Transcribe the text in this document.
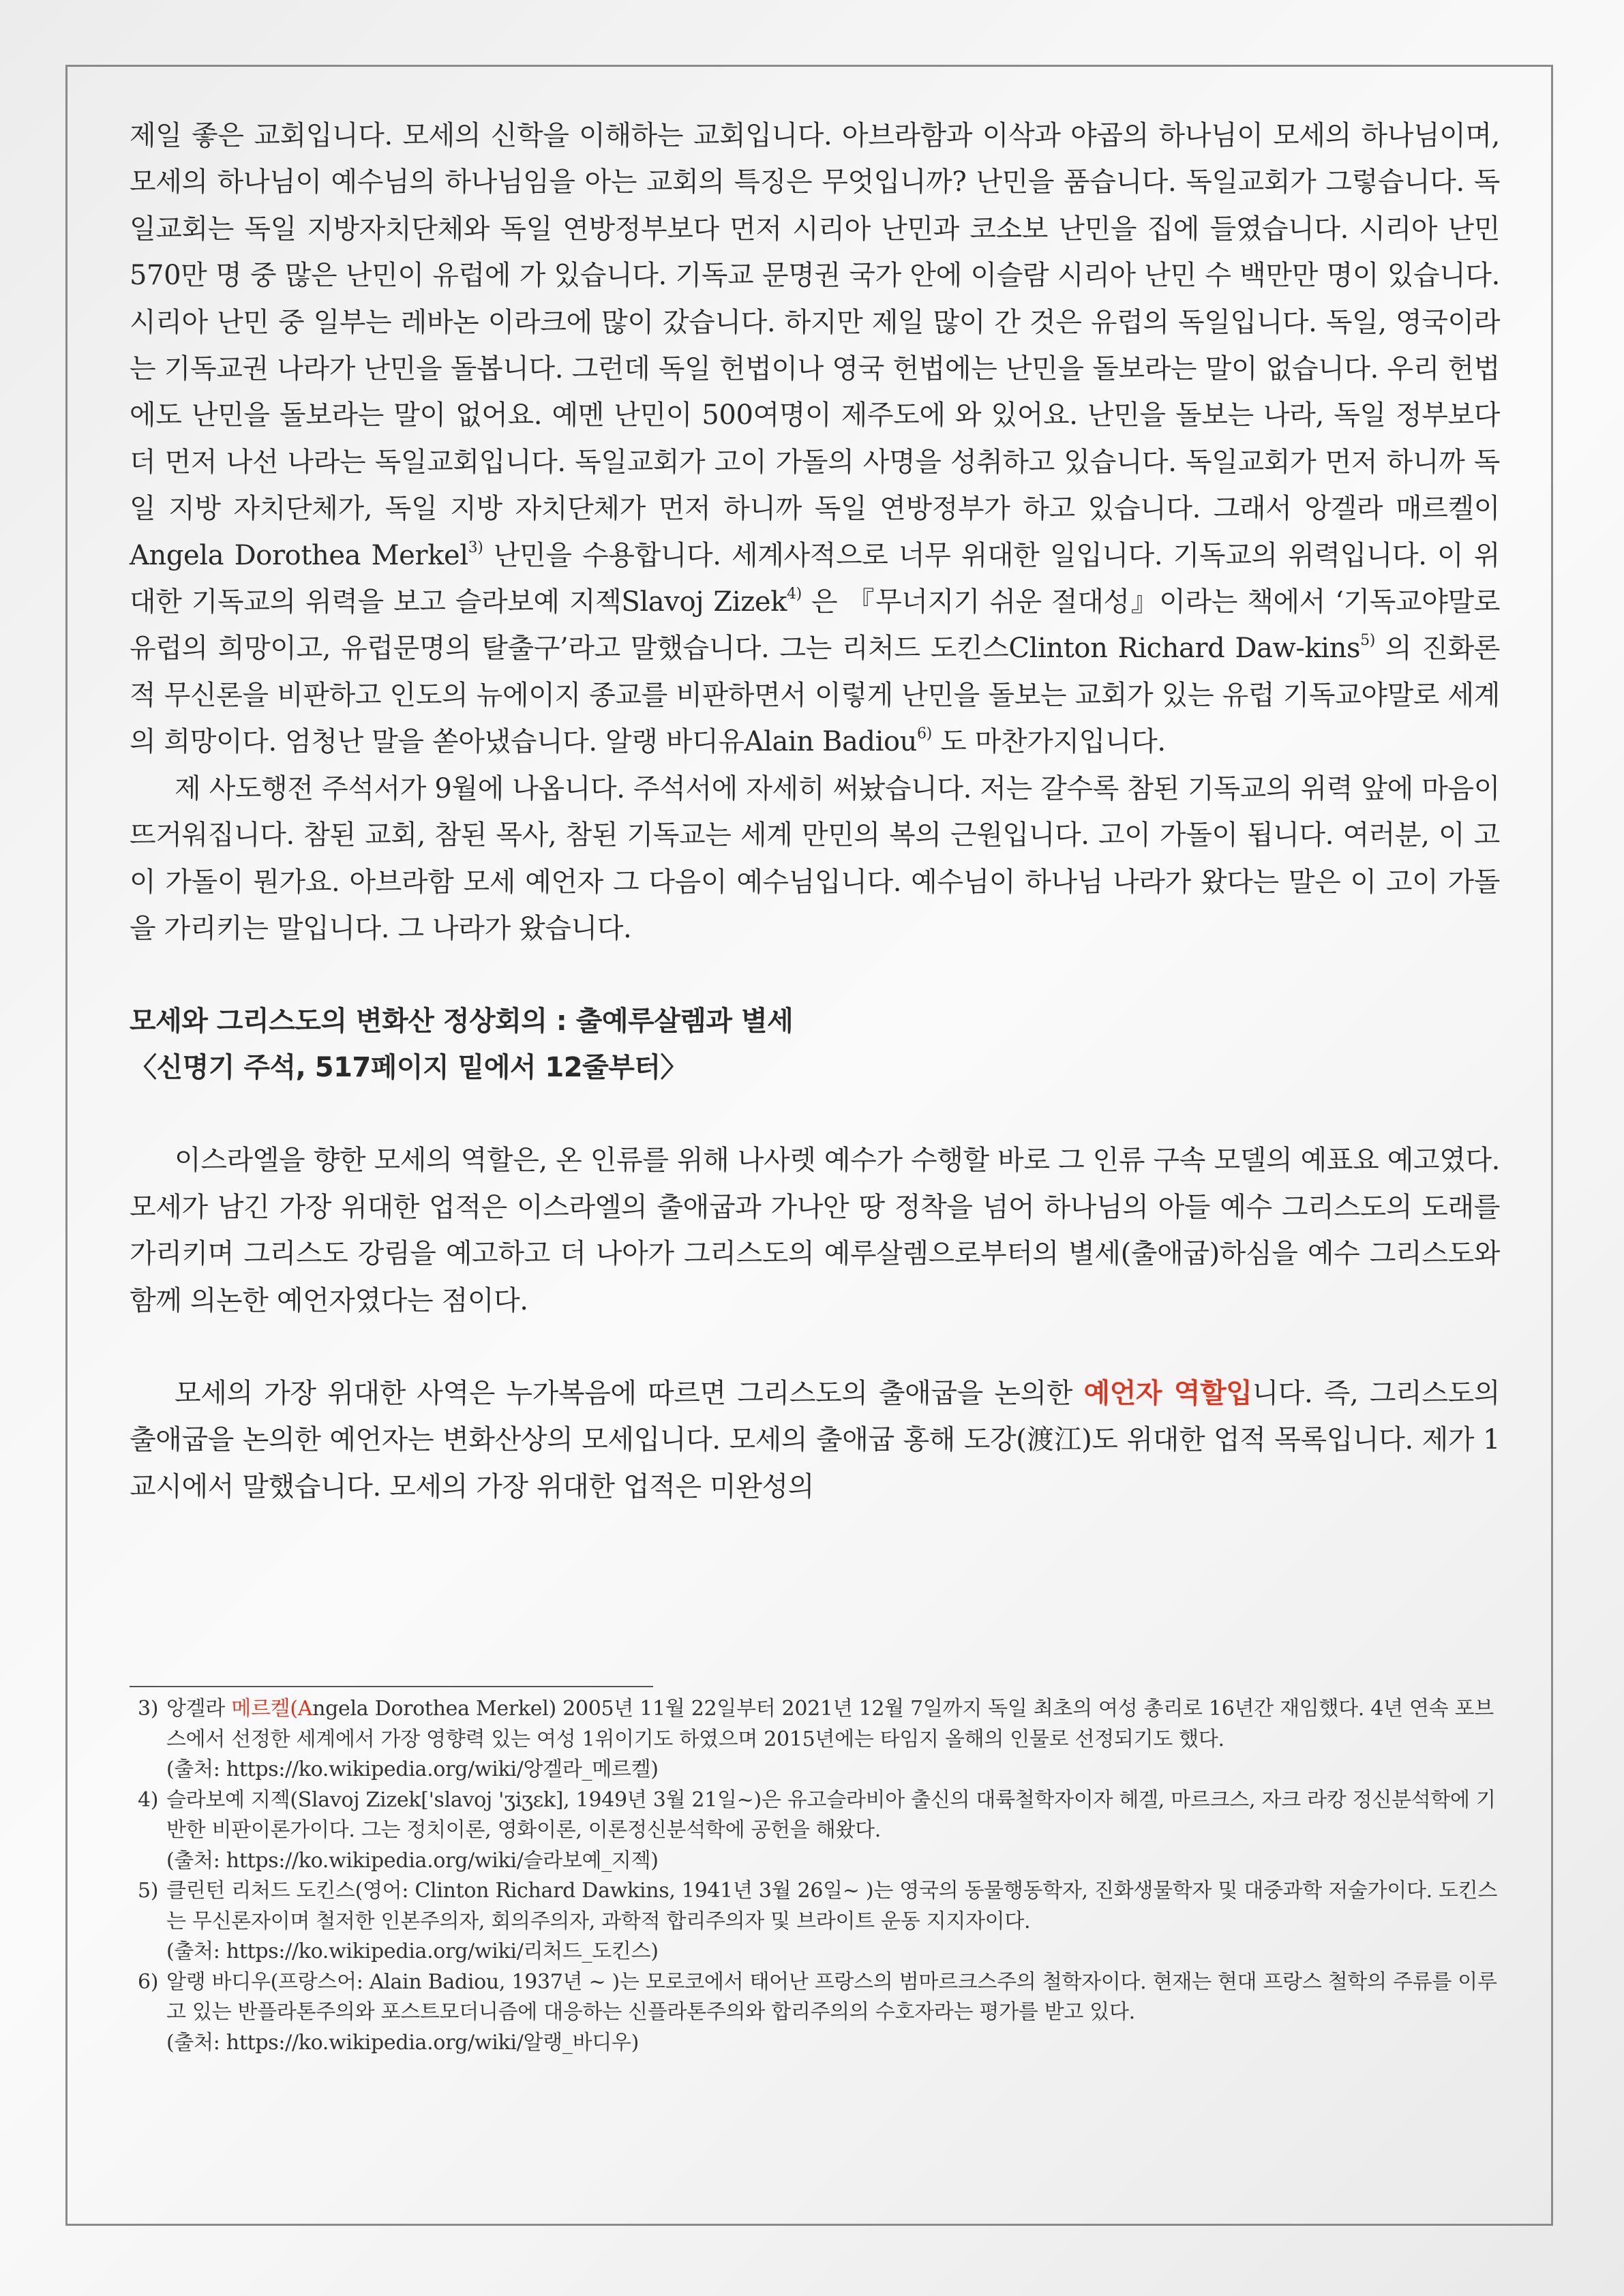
제일 좋은 교회입니다. 모세의 신학을 이해하는 교회입니다. 아브라함과 이삭과 야곱의 하나님이 모세의 하나님이며, 모세의 하나님이 예수님의 하나님임을 아는 교회의 특징은 무엇입니까? 난민을 품습니다. 독일교회가 그렇습니다. 독일교회는 독일 지방자치단체와 독일 연방정부보다 먼저 시리아 난민과 코소보 난민을 집에 들였습니다. 시리아 난민 570만 명 중 많은 난민이 유럽에 가 있습니다. 기독교 문명권 국가 안에 이슬람 시리아 난민 수 백만만 명이 있습니다. 시리아 난민 중 일부는 레바논 이라크에 많이 갔습니다. 하지만 제일 많이 간 것은 유럽의 독일입니다. 독일, 영국이라는 기독교권 나라가 난민을 돌봅니다. 그런데 독일 헌법이나 영국 헌법에는 난민을 돌보라는 말이 없습니다. 우리 헌법에도 난민을 돌보라는 말이 없어요. 예멘 난민이 500여명이 제주도에 와 있어요. 난민을 돌보는 나라, 독일 정부보다 더 먼저 나선 나라는 독일교회입니다. 독일교회가 고이 가돌의 사명을 성취하고 있습니다. 독일교회가 먼저 하니까 독일 지방 자치단체가, 독일 지방 자치단체가 먼저 하니까 독일 연방정부가 하고 있습니다. 그래서 앙겔라 매르켈이Angela Dorothea Merkel$^{3)}$ 난민을 수용합니다. 세계사적으로 너무 위대한 일입니다. 기독교의 위력입니다. 이 위대한 기독교의 위력을 보고 슬라보예 지젝Slavoj Zizek$^{4)}$ 은 『무너지기 쉬운 절대성』이라는 책에서 ‘기독교야말로 유럽의 희망이고, 유럽문명의 탈출구’라고 말했습니다. 그는 리처드 도킨스Clinton Richard Daw-kins$^{5)}$ 의 진화론적 무신론을 비판하고 인도의 뉴에이지 종교를 비판하면서 이렇게 난민을 돌보는 교회가 있는 유럽 기독교야말로 세계의 희망이다. 엄청난 말을 쏟아냈습니다. 알랭 바디유Alain Badiou$^{6)}$ 도 마찬가지입니다.

제 사도행전 주석서가 9월에 나옵니다. 주석서에 자세히 써놨습니다. 저는 갈수록 참된 기독교의 위력 앞에 마음이 뜨거워집니다. 참된 교회, 참된 목사, 참된 기독교는 세계 만민의 복의 근원입니다. 고이 가돌이 됩니다. 여러분, 이 고이 가돌이 뭔가요. 아브라함 모세 예언자 그 다음이 예수님입니다. 예수님이 하나님 나라가 왔다는 말은 이 고이 가돌을 가리키는 말입니다. 그 나라가 왔습니다.

모세와 그리스도의 변화산 정상회의 : 출예루살렘과 별세

〈신명기 주석, 517페이지 밑에서 12줄부터〉

이스라엘을 향한 모세의 역할은, 온 인류를 위해 나사렛 예수가 수행할 바로 그 인류 구속 모델의 예표요 예고였다. 모세가 남긴 가장 위대한 업적은 이스라엘의 출애굽과 가나안 땅 정착을 넘어 하나님의 아들 예수 그리스도의 도래를 가리키며 그리스도 강림을 예고하고 더 나아가 그리스도의 예루살렘으로부터의 별세(출애굽)하심을 예수 그리스도와 함께 의논한 예언자였다는 점이다.

모세의 가장 위대한 사역은 누가복음에 따르면 그리스도의 출애굽을 논의한 예언자 역할입니다. 즉, 그리스도의 출애굽을 논의한 예언자는 변화산상의 모세입니다. 모세의 출애굽 홍해 도강(渡江)도 위대한 업적 목록입니다. 제가 1교시에서 말했습니다. 모세의 가장 위대한 업적은 미완성의

3) 앙겔라 메르켈(Angela Dorothea Merkel) 2005년 11월 22일부터 2021년 12월 7일까지 독일 최초의 여성 총리로 16년간 재임했다. 4년 연속 포브스에서 선정한 세계에서 가장 영향력 있는 여성 1위이기도 하였으며 2015년에는 타임지 올해의 인물로 선정되기도 했다.

(출처: https://ko.wikipedia.org/wiki/앙겔라_메르켈)

4) 슬라보예 지젝(Slavoj Zizek['slavoj 'ʒiʒɛk], 1949년 3월 21일~)은 유고슬라비아 출신의 대륙철학자이자 헤겔, 마르크스, 자크 라캉 정신분석학에 기반한 비판이론가이다. 그는 정치이론, 영화이론, 이론정신분석학에 공헌을 해왔다.

(출처: https://ko.wikipedia.org/wiki/슬라보예_지젝)

5) 클린턴 리처드 도킨스(영어: Clinton Richard Dawkins, 1941년 3월 26일~ )는 영국의 동물행동학자, 진화생물학자 및 대중과학 저술가이다. 도킨스는 무신론자이며 철저한 인본주의자, 회의주의자, 과학적 합리주의자 및 브라이트 운동 지지자이다.

(출처: https://ko.wikipedia.org/wiki/리처드_도킨스)

6) 알랭 바디우(프랑스어: Alain Badiou, 1937년 ~ )는 모로코에서 태어난 프랑스의 범마르크스주의 철학자이다. 현재는 현대 프랑스 철학의 주류를 이루고 있는 반플라톤주의와 포스트모더니즘에 대응하는 신플라톤주의와 합리주의의 수호자라는 평가를 받고 있다.

(출처: https://ko.wikipedia.org/wiki/알랭_바디우)
